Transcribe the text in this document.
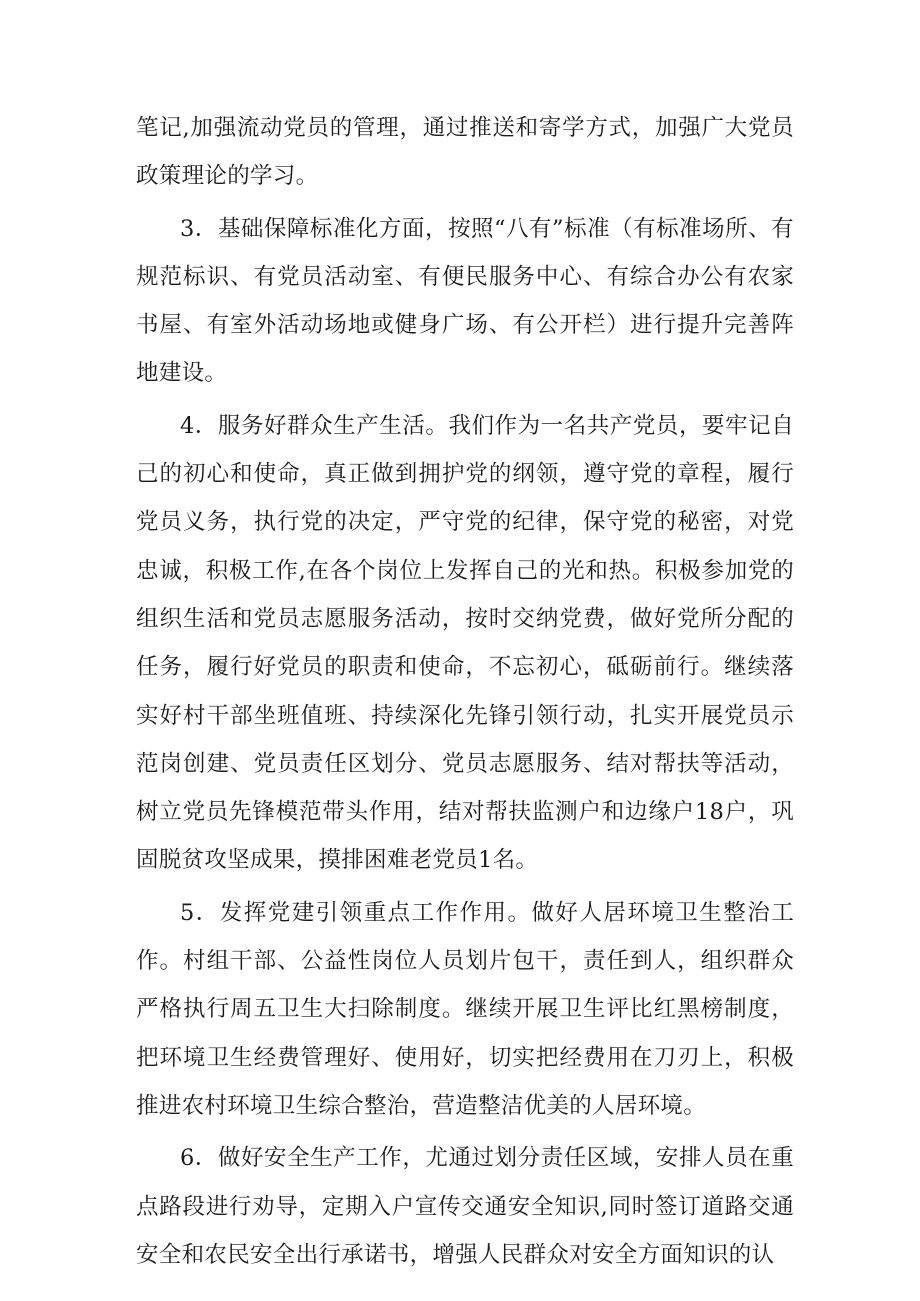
笔记,加强流动党员的管理，通过推送和寄学方式，加强广大党员政策理论的学习。

3．基础保障标准化方面，按照“八有”标准（有标准场所、有规范标识、有党员活动室、有便民服务中心、有综合办公有农家书屋、有室外活动场地或健身广场、有公开栏）进行提升完善阵地建设。

4．服务好群众生产生活。我们作为一名共产党员，要牢记自己的初心和使命，真正做到拥护党的纲领，遵守党的章程，履行党员义务，执行党的决定，严守党的纪律，保守党的秘密，对党忠诚，积极工作,在各个岗位上发挥自己的光和热。积极参加党的组织生活和党员志愿服务活动，按时交纳党费，做好党所分配的任务，履行好党员的职责和使命，不忘初心，砥砺前行。继续落实好村干部坐班值班、持续深化先锋引领行动，扎实开展党员示范岗创建、党员责任区划分、党员志愿服务、结对帮扶等活动，树立党员先锋模范带头作用，结对帮扶监测户和边缘户18户，巩固脱贫攻坚成果，摸排困难老党员1名。

5．发挥党建引领重点工作作用。做好人居环境卫生整治工作。村组干部、公益性岗位人员划片包干，责任到人，组织群众严格执行周五卫生大扫除制度。继续开展卫生评比红黑榜制度，把环境卫生经费管理好、使用好，切实把经费用在刀刃上，积极推进农村环境卫生综合整治，营造整洁优美的人居环境。

6．做好安全生产工作，尤通过划分责任区域，安排人员在重点路段进行劝导，定期入户宣传交通安全知识,同时签订道路交通安全和农民安全出行承诺书，增强人民群众对安全方面知识的认
